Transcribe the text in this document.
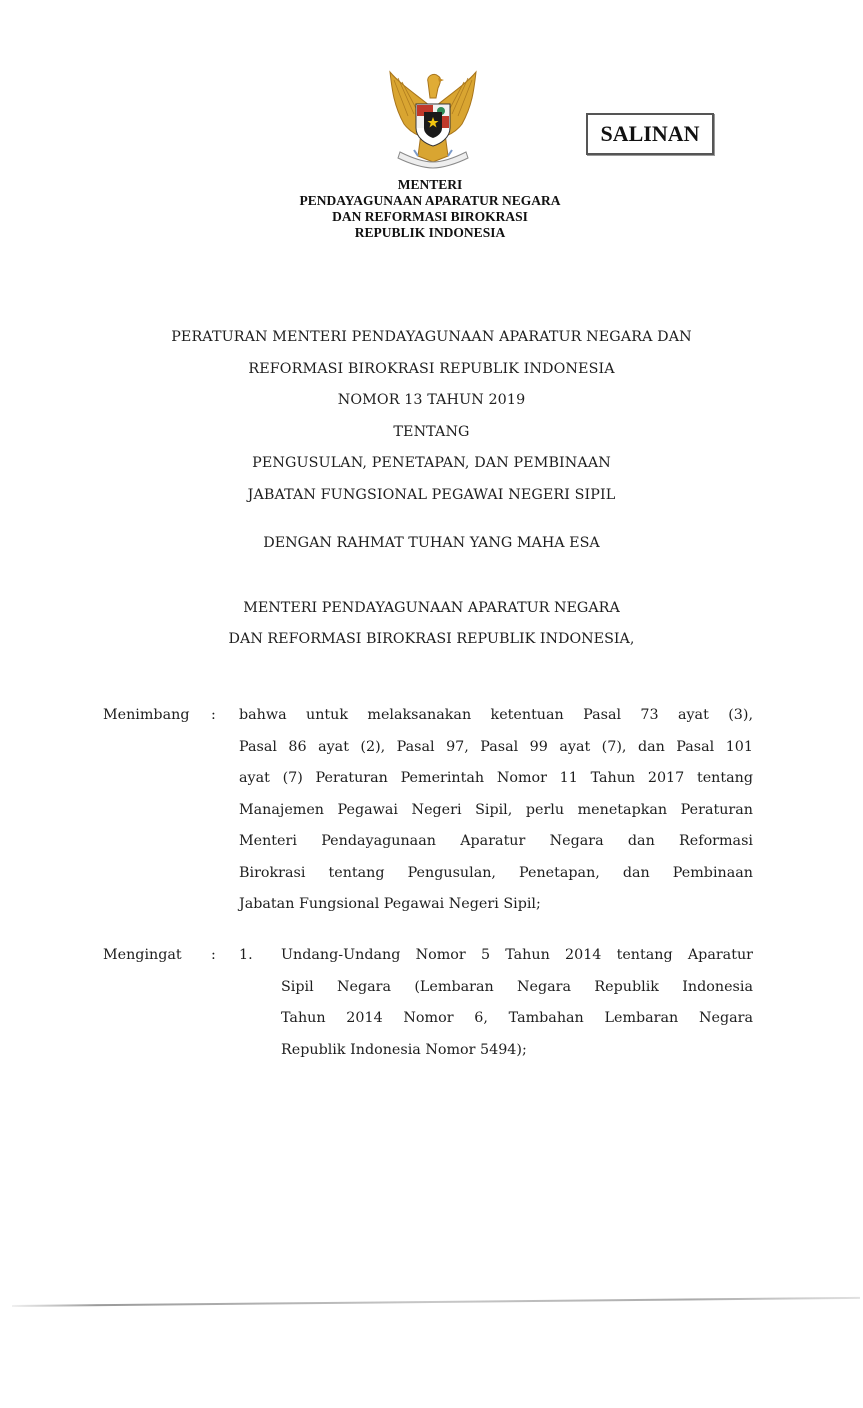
SALINAN
MENTERI
PENDAYAGUNAAN APARATUR NEGARA
DAN REFORMASI BIROKRASI
REPUBLIK INDONESIA
PERATURAN MENTERI PENDAYAGUNAAN APARATUR NEGARA DAN
REFORMASI BIROKRASI REPUBLIK INDONESIA
NOMOR 13 TAHUN 2019
TENTANG
PENGUSULAN, PENETAPAN, DAN PEMBINAAN
JABATAN FUNGSIONAL PEGAWAI NEGERI SIPIL
DENGAN RAHMAT TUHAN YANG MAHA ESA
MENTERI PENDAYAGUNAAN APARATUR NEGARA
DAN REFORMASI BIROKRASI REPUBLIK INDONESIA,
Menimbang : bahwa untuk melaksanakan ketentuan Pasal 73 ayat (3),
Pasal 86 ayat (2), Pasal 97, Pasal 99 ayat (7), dan Pasal 101
ayat (7) Peraturan Pemerintah Nomor 11 Tahun 2017 tentang
Manajemen Pegawai Negeri Sipil, perlu menetapkan Peraturan
Menteri Pendayagunaan Aparatur Negara dan Reformasi
Birokrasi tentang Pengusulan, Penetapan, dan Pembinaan
Jabatan Fungsional Pegawai Negeri Sipil;
Mengingat : 1. Undang-Undang Nomor 5 Tahun 2014 tentang Aparatur
Sipil Negara (Lembaran Negara Republik Indonesia
Tahun 2014 Nomor 6, Tambahan Lembaran Negara
Republik Indonesia Nomor 5494);
